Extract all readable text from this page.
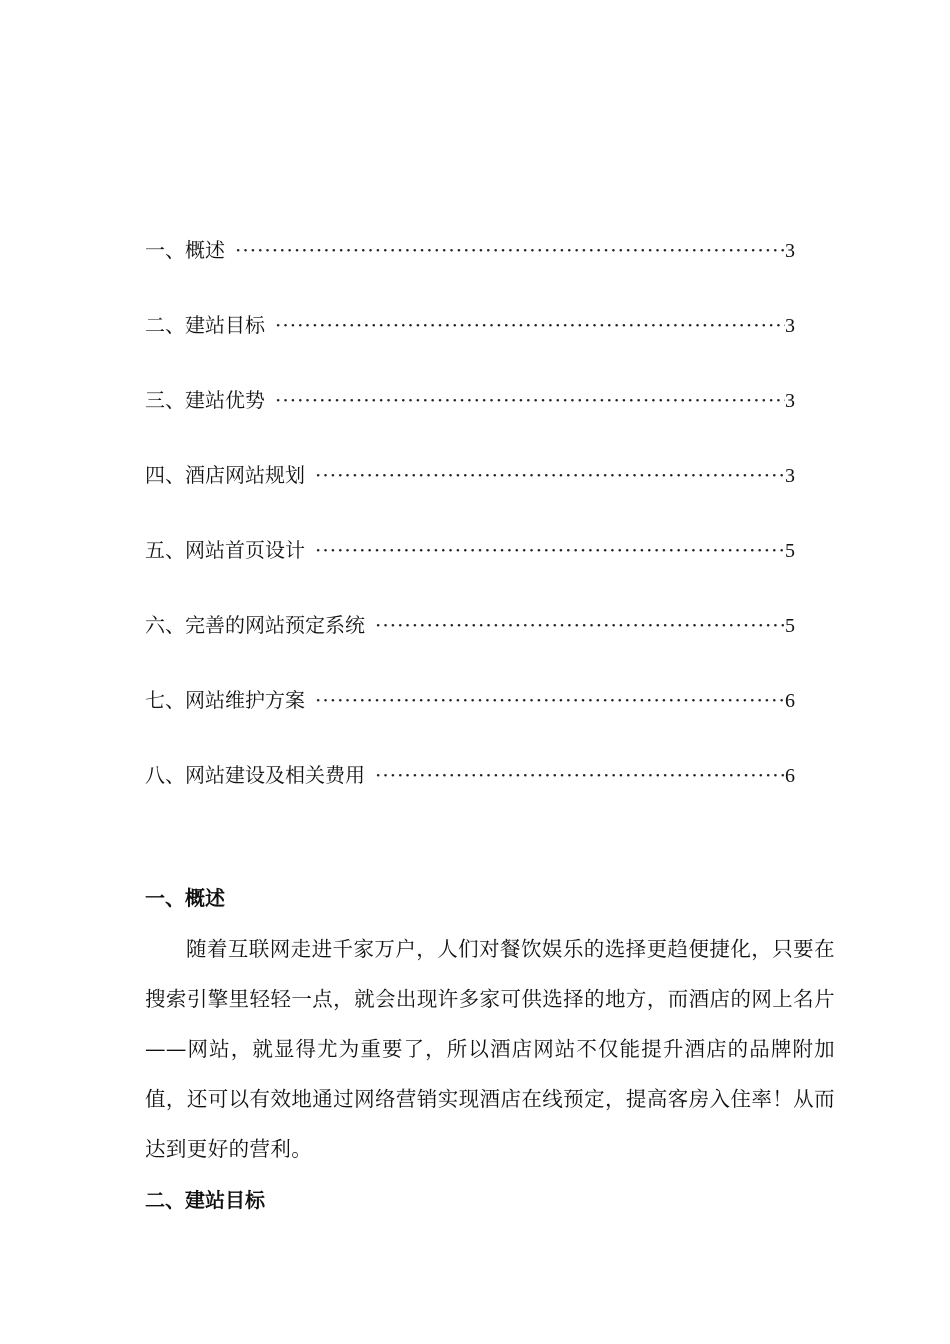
一、概述 ·····	3
二、建站目标 ·····	3
三、建站优势 ·····	3
四、酒店网站规划 ·····	3
五、网站首页设计 ·····	5
六、完善的网站预定系统 ·····	5
七、网站维护方案 ·····	6
八、网站建设及相关费用 ·····	6
一、概述

随着互联网走进千家万户，人们对餐饮娱乐的选择更趋便捷化，只要在搜索引擎里轻轻一点，就会出现许多家可供选择的地方，而酒店的网上名片——网站，就显得尤为重要了，所以酒店网站不仅能提升酒店的品牌附加值，还可以有效地通过网络营销实现酒店在线预定，提高客房入住率！从而达到更好的营利。

二、建站目标
